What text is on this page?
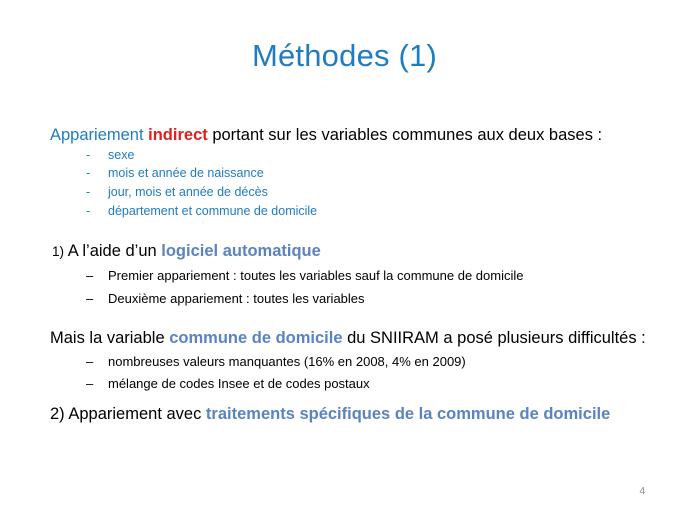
Méthodes (1)
Appariement indirect portant sur les variables communes aux deux bases :
- sexe
- mois et année de naissance
- jour, mois et année de décès
- département et commune de domicile
1) A l’aide d’un logiciel automatique
– Premier appariement : toutes les variables sauf la commune de domicile
– Deuxième appariement : toutes les variables
Mais la variable commune de domicile du SNIIRAM a posé plusieurs difficultés :
– nombreuses valeurs manquantes (16% en 2008, 4% en 2009)
– mélange de codes Insee et de codes postaux
2) Appariement avec traitements spécifiques de la commune de domicile
4
